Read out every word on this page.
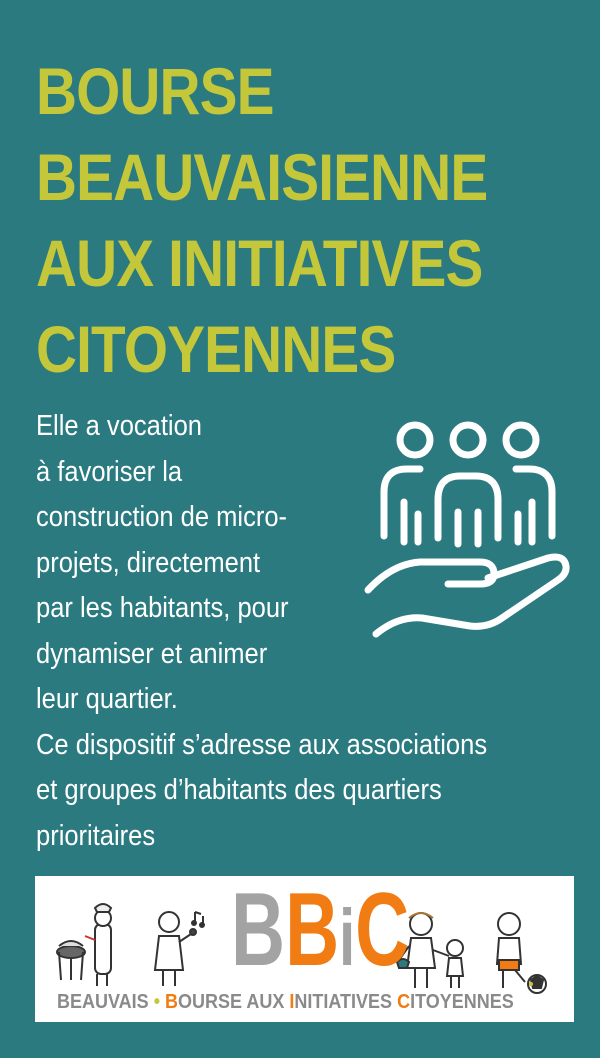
BOURSE
BEAUVAISIENNE
AUX INITIATIVES
CITOYENNES
Elle a vocation
à favoriser la
construction de micro-
projets, directement
par les habitants, pour
dynamiser et animer
leur quartier.
Ce dispositif s’adresse aux associations
et groupes d’habitants des quartiers
prioritaires
BBiC
BEAUVAIS • BOURSE AUX INITIATIVES CITOYENNES
